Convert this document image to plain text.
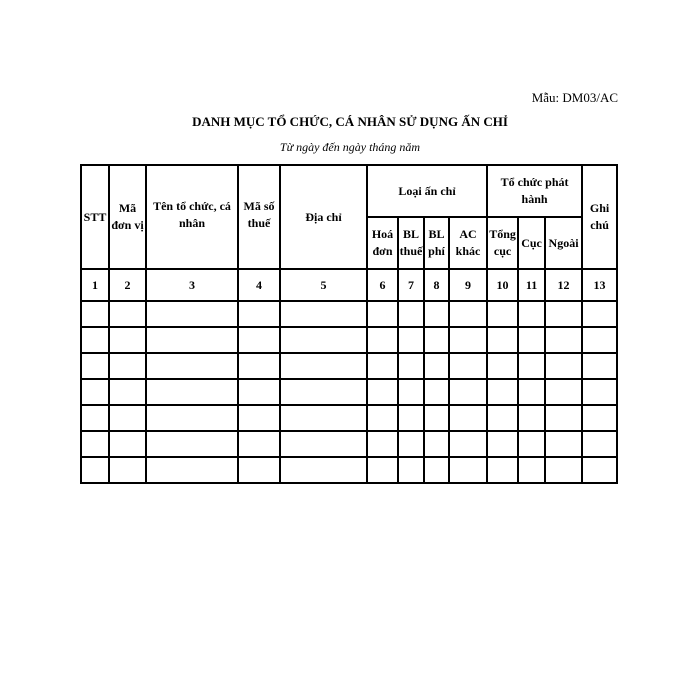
Mẫu: DM03/AC
DANH MỤC TỔ CHỨC, CÁ NHÂN SỬ DỤNG ẤN CHỈ
Từ ngày đến ngày tháng năm
STT	Mã đơn vị	Tên tổ chức, cá nhân	Mã số thuế	Địa chỉ	Loại ấn chỉ				Tổ chức phát hành			Ghi chú
					Hoá đơn	BL thuế	BL phí	AC khác	Tổng cục	Cục	Ngoài	
1	2	3	4	5	6	7	8	9	10	11	12	13
